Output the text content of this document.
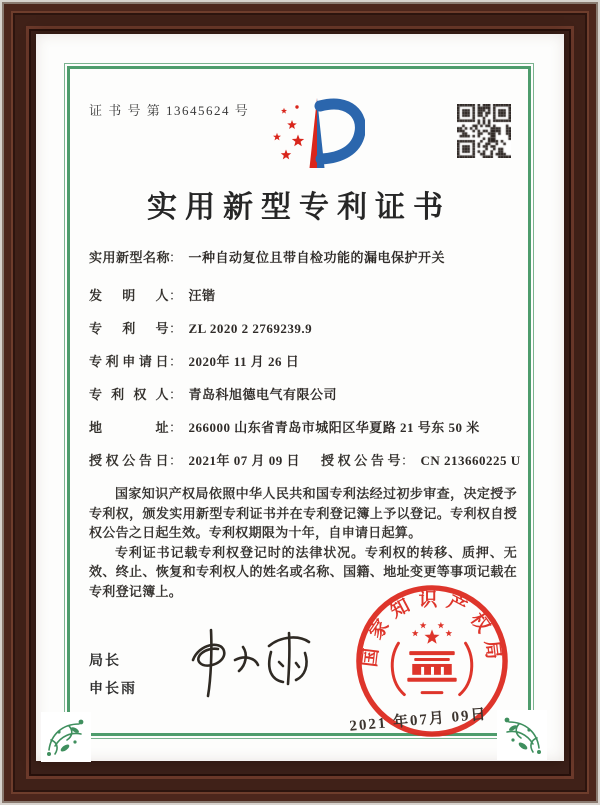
证 书 号 第 13645624 号
实用新型专利证书
实用新型名称： 一种自动复位且带自检功能的漏电保护开关
发明人： 汪锴
专利号： ZL 2020 2 2769239.9
专利申请日： 2020年 11 月 26 日
专利权人： 青岛科旭德电气有限公司
地址： 266000 山东省青岛市城阳区华夏路 21 号东 50 米
授权公告日： 2021年 07 月 09 日 授权公告号： CN 213660225 U

国家知识产权局依照中华人民共和国专利法经过初步审查，决定授予专利权，颁发实用新型专利证书并在专利登记簿上予以登记。专利权自授权公告之日起生效。专利权期限为十年，自申请日起算。

专利证书记载专利权登记时的法律状况。专利权的转移、质押、无效、终止、恢复和专利权人的姓名或名称、国籍、地址变更等事项记载在专利登记簿上。

局长
申长雨
国家知识产权局
2021 年07月 09日
